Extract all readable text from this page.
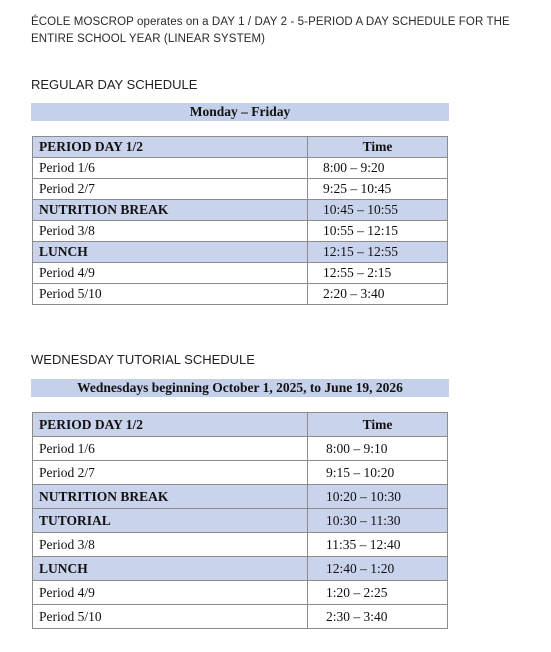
ÉCOLE MOSCROP operates on a DAY 1 / DAY 2 - 5-PERIOD A DAY SCHEDULE FOR THE ENTIRE SCHOOL YEAR (LINEAR SYSTEM)
REGULAR DAY SCHEDULE
Monday – Friday
PERIOD DAY 1/2	Time
Period 1/6	8:00 – 9:20
Period 2/7	9:25 – 10:45
NUTRITION BREAK	10:45 – 10:55
Period 3/8	10:55 – 12:15
LUNCH	12:15 – 12:55
Period 4/9	12:55 – 2:15
Period 5/10	2:20 – 3:40
WEDNESDAY TUTORIAL SCHEDULE
Wednesdays beginning October 1, 2025, to June 19, 2026
PERIOD DAY 1/2	Time
Period 1/6	8:00 – 9:10
Period 2/7	9:15 – 10:20
NUTRITION BREAK	10:20 – 10:30
TUTORIAL	10:30 – 11:30
Period 3/8	11:35 – 12:40
LUNCH	12:40 – 1:20
Period 4/9	1:20 – 2:25
Period 5/10	2:30 – 3:40
